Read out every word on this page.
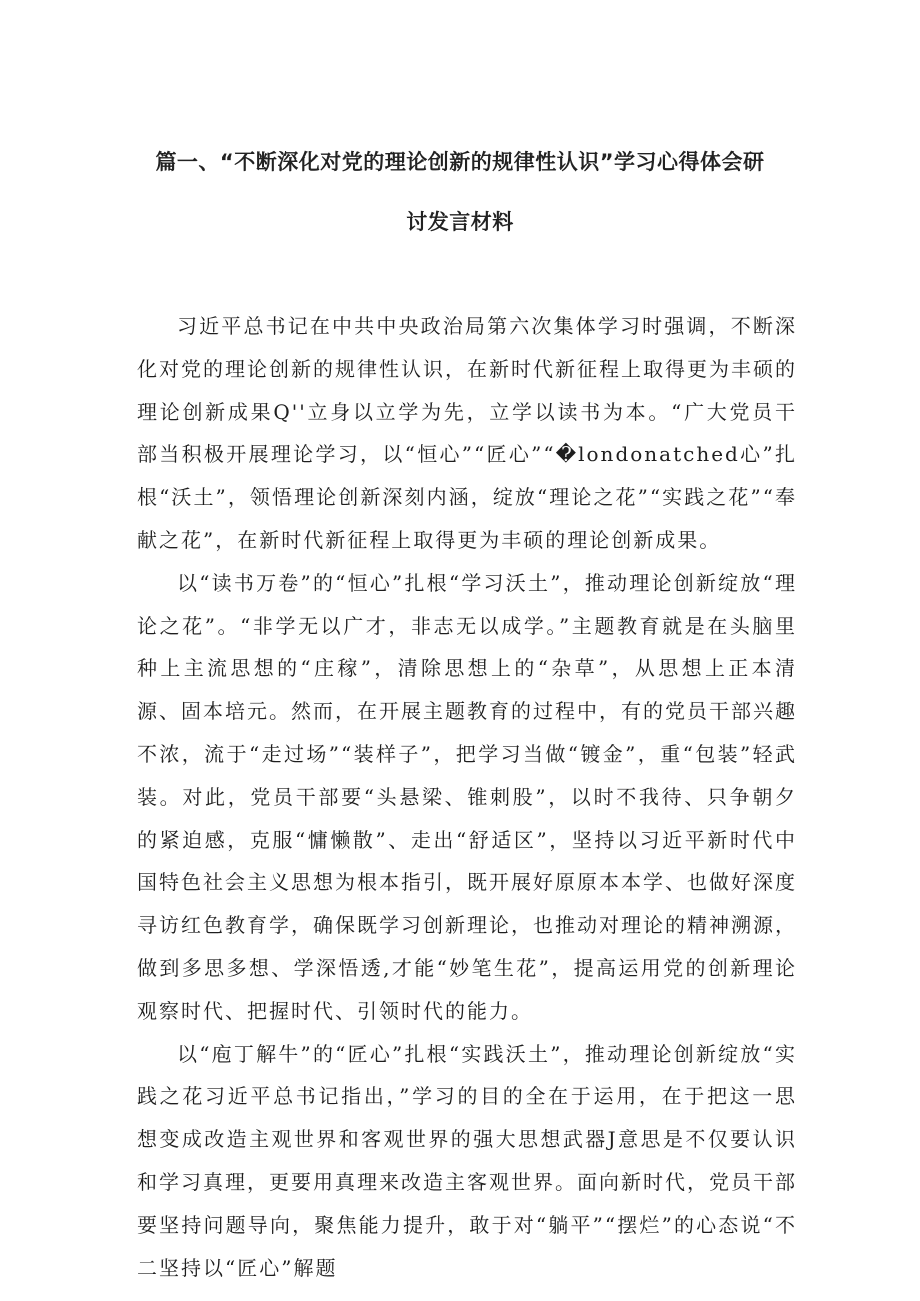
篇一、“不断深化对党的理论创新的规律性认识”学习心得体会研
讨发言材料

习近平总书记在中共中央政治局第六次集体学习时强调，不断深化对党的理论创新的规律性认识，在新时代新征程上取得更为丰硕的理论创新成果Q''立身以立学为先，立学以读书为本。“广大党员干部当积极开展理论学习，以“恒心”“匠心”“�londonatched心”扎根“沃土”，领悟理论创新深刻内涵，绽放“理论之花”“实践之花”“奉献之花”，在新时代新征程上取得更为丰硕的理论创新成果。

以“读书万卷”的“恒心”扎根“学习沃土”，推动理论创新绽放“理论之花”。“非学无以广才，非志无以成学。”主题教育就是在头脑里种上主流思想的“庄稼”，清除思想上的“杂草”，从思想上正本清源、固本培元。然而，在开展主题教育的过程中，有的党员干部兴趣不浓，流于“走过场”“装样子”，把学习当做“镀金”，重“包装”轻武装。对此，党员干部要“头悬梁、锥刺股”，以时不我待、只争朝夕的紧迫感，克服“慵懒散”、走出“舒适区”，坚持以习近平新时代中国特色社会主义思想为根本指引，既开展好原原本本学、也做好深度寻访红色教育学，确保既学习创新理论，也推动对理论的精神溯源，做到多思多想、学深悟透,才能“妙笔生花”，提高运用党的创新理论观察时代、把握时代、引领时代的能力。

以“庖丁解牛”的“匠心”扎根“实践沃土”，推动理论创新绽放“实践之花习近平总书记指出，”学习的目的全在于运用，在于把这一思想变成改造主观世界和客观世界的强大思想武器J意思是不仅要认识和学习真理，更要用真理来改造主客观世界。面向新时代，党员干部要坚持问题导向，聚焦能力提升，敢于对“躺平”“摆烂”的心态说“不二坚持以“匠心”解题
